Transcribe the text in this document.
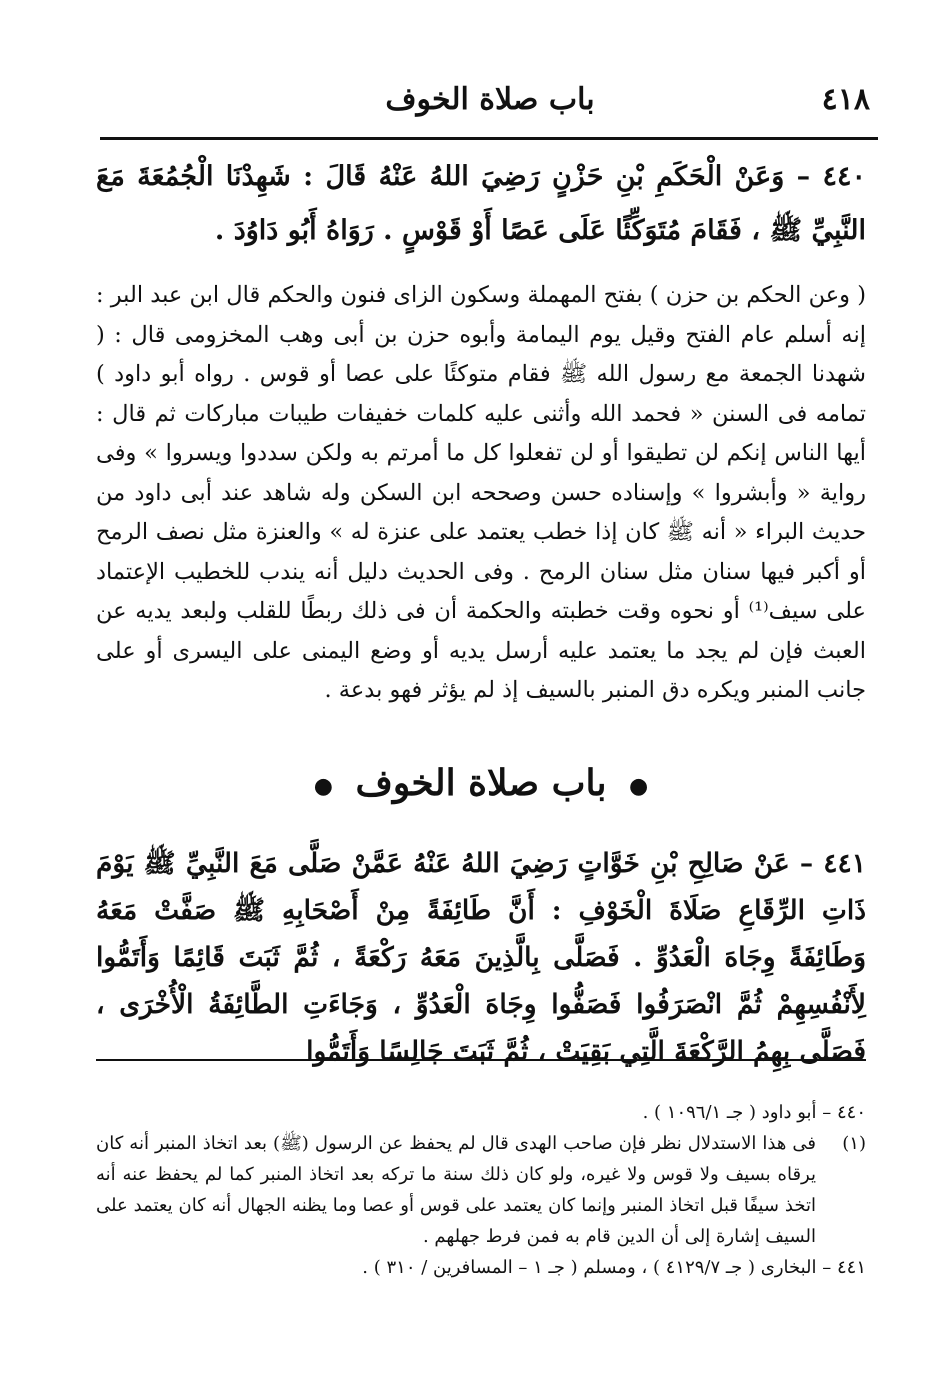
٤١٨
باب صلاة الخوف
٤٤٠ – وَعَنْ الْحَكَمِ بْنِ حَزْنٍ رَضِيَ اللهُ عَنْهُ قَالَ : شَهِدْنَا الْجُمُعَةَ مَعَ النَّبِيِّ ﷺ ، فَقَامَ مُتَوَكِّئًا عَلَى عَصًا أَوْ قَوْسٍ . رَوَاهُ أَبُو دَاوُدَ .
( وعن الحكم بن حزن ) بفتح المهملة وسكون الزاى فنون والحكم قال ابن عبد البر : إنه أسلم عام الفتح وقيل يوم اليمامة وأبوه حزن بن أبى وهب المخزومى قال : ( شهدنا الجمعة مع رسول الله ﷺ فقام متوكئًا على عصا أو قوس . رواه أبو داود ) تمامه فى السنن « فحمد الله وأثنى عليه كلمات خفيفات طيبات مباركات ثم قال : أيها الناس إنكم لن تطيقوا أو لن تفعلوا كل ما أمرتم به ولكن سددوا ويسروا » وفى رواية « وأبشروا » وإسناده حسن وصححه ابن السكن وله شاهد عند أبى داود من حديث البراء « أنه ﷺ كان إذا خطب يعتمد على عنزة له » والعنزة مثل نصف الرمح أو أكبر فيها سنان مثل سنان الرمح . وفى الحديث دليل أنه يندب للخطيب الإعتماد على سيف⁽¹⁾ أو نحوه وقت خطبته والحكمة أن فى ذلك ربطًا للقلب ولبعد يديه عن العبث فإن لم يجد ما يعتمد عليه أرسل يديه أو وضع اليمنى على اليسرى أو على جانب المنبر ويكره دق المنبر بالسيف إذ لم يؤثر فهو بدعة .
● باب صلاة الخوف ●
٤٤١ – عَنْ صَالِحِ بْنِ خَوَّاتٍ رَضِيَ اللهُ عَنْهُ عَمَّنْ صَلَّى مَعَ النَّبِيِّ ﷺ يَوْمَ ذَاتِ الرِّقَاعِ صَلَاةَ الْخَوْفِ : أَنَّ طَائِفَةً مِنْ أَصْحَابِهِ ﷺ صَفَّتْ مَعَهُ وَطَائِفَةً وِجَاهَ الْعَدُوِّ . فَصَلَّى بِالَّذِينَ مَعَهُ رَكْعَةً ، ثُمَّ ثَبَتَ قَائِمًا وَأَتَمُّوا لِأَنْفُسِهِمْ ثُمَّ انْصَرَفُوا فَصَفُّوا وِجَاهَ الْعَدُوِّ ، وَجَاءَتِ الطَّائِفَةُ الْأُخْرَى ، فَصَلَّى بِهِمُ الرَّكْعَةَ الَّتِي بَقِيَتْ ، ثُمَّ ثَبَتَ جَالِسًا وَأَتَمُّوا
٤٤٠ – أبو داود ( جـ ١٠٩٦/١ ) .
(١)
فى هذا الاستدلال نظر فإن صاحب الهدى قال لم يحفظ عن الرسول (ﷺ) بعد اتخاذ المنبر أنه كان يرقاه بسيف ولا قوس ولا غيره، ولو كان ذلك سنة ما تركه بعد اتخاذ المنبر كما لم يحفظ عنه أنه اتخذ سيفًا قبل اتخاذ المنبر وإنما كان يعتمد على قوس أو عصا وما يظنه الجهال أنه كان يعتمد على السيف إشارة إلى أن الدين قام به فمن فرط جهلهم .
٤٤١ – البخارى ( جـ ٤١٢٩/٧ ) ، ومسلم ( جـ ١ – المسافرين / ٣١٠ ) .
